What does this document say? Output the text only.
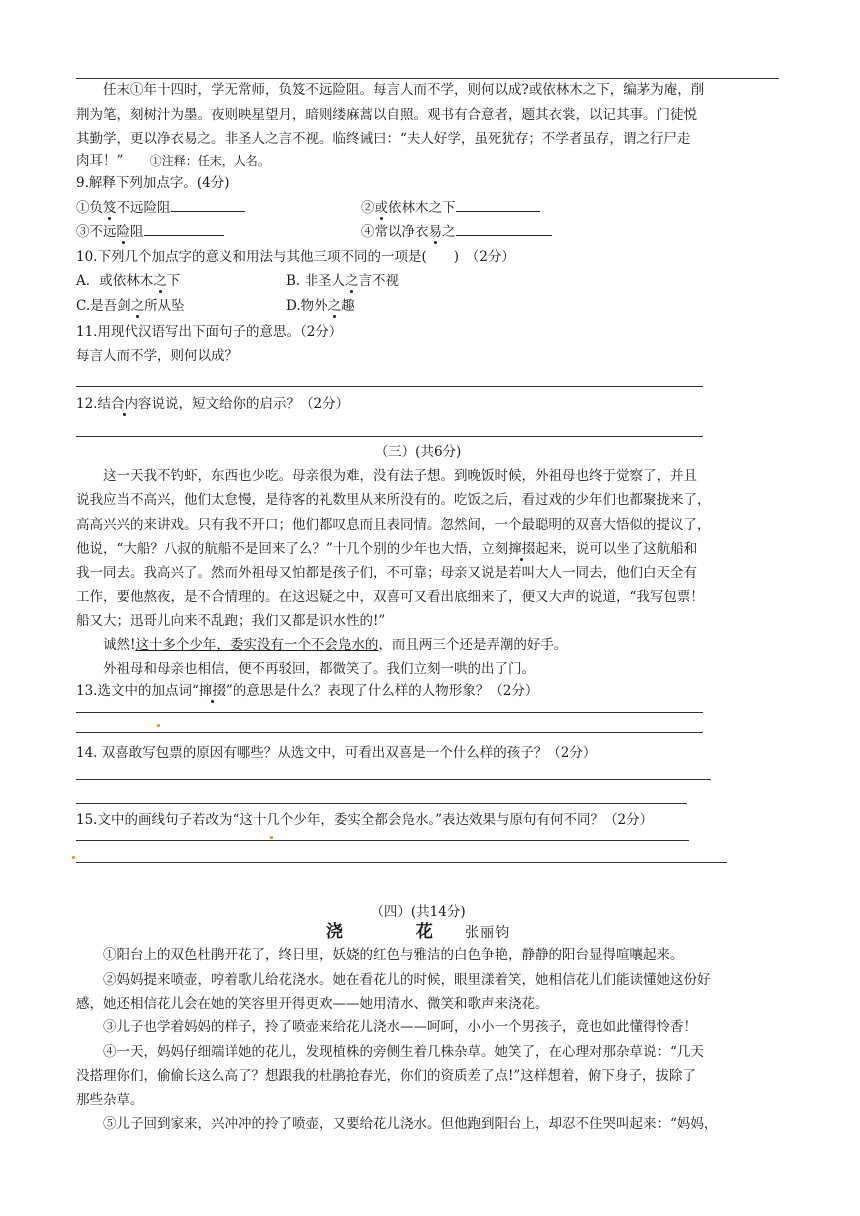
任末①年十四时，学无常师，负笈不远险阻。每言人而不学，则何以成?或依林木之下，编茅为庵，削
荆为笔，刻树汁为墨。夜则映星望月，暗则缕麻蒿以自照。观书有合意者，题其衣裳，以记其事。门徒悦
其勤学，更以净衣易之。非圣人之言不视。临终诫曰：“夫人好学，虽死犹存；不学者虽存，谓之行尸走
肉耳！” ①注释：任末，人名。
9.解释下列加点字。(4分)
①负笈不远险阻	②或依林木之下
③不远险阻	④常以净衣易之
10.下列几个加点字的意义和用法与其他三项不同的一项是(　　)　（2分）
A．或依林木之下	B. 非圣人之言不视
C.是吾剑之所从坠	D.物外之趣
11.用现代汉语写出下面句子的意思。（2分）
每言人而不学，则何以成？
12.结合内容说说，短文给你的启示？（2分）
（三）(共6分)
这一天我不钓虾，东西也少吃。母亲很为难，没有法子想。到晚饭时候，外祖母也终于觉察了，并且
说我应当不高兴，他们太怠慢，是待客的礼数里从来所没有的。吃饭之后，看过戏的少年们也都聚拢来了，
高高兴兴的来讲戏。只有我不开口；他们都叹息而且表同情。忽然间，一个最聪明的双喜大悟似的提议了，
他说，“大船？八叔的航船不是回来了么？”十几个别的少年也大悟，立刻撺掇起来，说可以坐了这航船和
我一同去。我高兴了。然而外祖母又怕都是孩子们，不可靠；母亲又说是若叫大人一同去，他们白天全有
工作，要他熬夜，是不合情理的。在这迟疑之中，双喜可又看出底细来了，便又大声的说道，“我写包票！
船又大；迅哥儿向来不乱跑；我们又都是识水性的!”
诚然!这十多个少年，委实没有一个不会凫水的，而且两三个还是弄潮的好手。
外祖母和母亲也相信，便不再驳回，都微笑了。我们立刻一哄的出了门。
13.选文中的加点词“撺掇”的意思是什么？表现了什么样的人物形象？（2分）
14. 双喜敢写包票的原因有哪些？从选文中，可看出双喜是一个什么样的孩子？（2分）
15.文中的画线句子若改为“这十几个少年，委实全都会凫水。”表达效果与原句有何不同？（2分）
（四）(共14分)
浇　花 张丽钧
①阳台上的双色杜鹃开花了，终日里，妖娆的红色与雅洁的白色争艳，静静的阳台显得喧嚷起来。
②妈妈提来喷壶，哼着歌儿给花浇水。她在看花儿的时候，眼里漾着笑，她相信花儿们能读懂她这份好
感，她还相信花儿会在她的笑容里开得更欢——她用清水、微笑和歌声来浇花。
③儿子也学着妈妈的样子，拎了喷壶来给花儿浇水——呵呵，小小一个男孩子，竟也如此懂得怜香！
④一天，妈妈仔细端详她的花儿，发现植株的旁侧生着几株杂草。她笑了，在心理对那杂草说：“几天
没搭理你们，偷偷长这么高了？想跟我的杜鹃抢春光，你们的资质差了点!”这样想着，俯下身子，拔除了
那些杂草。
⑤儿子回到家来，兴冲冲的拎了喷壶，又要给花儿浇水。但他跑到阳台上，却忍不住哭叫起来：“妈妈，
